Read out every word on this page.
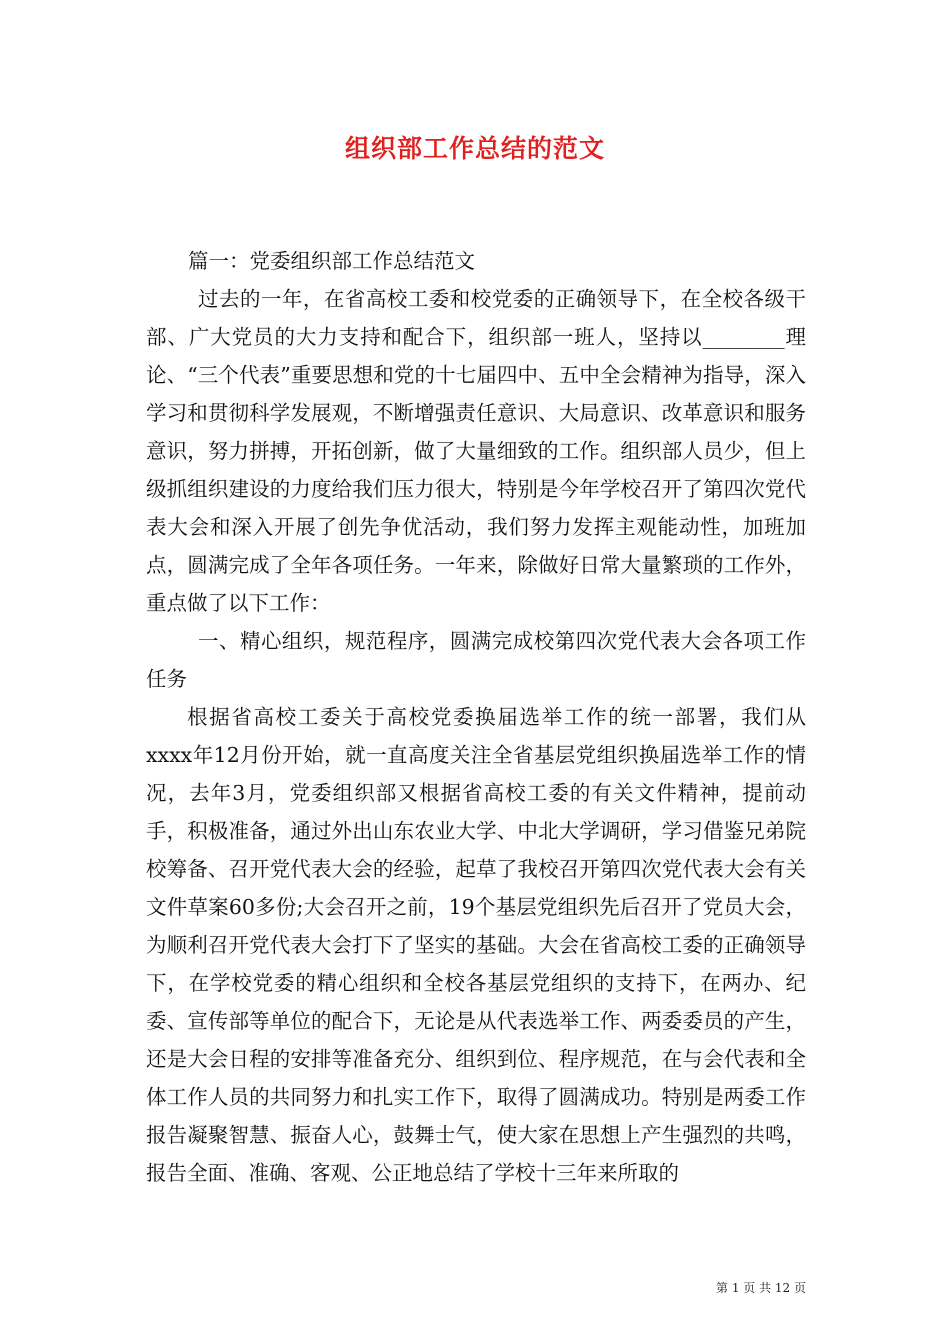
组织部工作总结的范文

篇一：党委组织部工作总结范文

过去的一年，在省高校工委和校党委的正确领导下，在全校各级干部、广大党员的大力支持和配合下，组织部一班人，坚持以________理论、“三个代表”重要思想和党的十七届四中、五中全会精神为指导，深入学习和贯彻科学发展观，不断增强责任意识、大局意识、改革意识和服务意识，努力拼搏，开拓创新，做了大量细致的工作。组织部人员少，但上级抓组织建设的力度给我们压力很大，特别是今年学校召开了第四次党代表大会和深入开展了创先争优活动，我们努力发挥主观能动性，加班加点，圆满完成了全年各项任务。一年来，除做好日常大量繁琐的工作外，重点做了以下工作：

一、精心组织，规范程序，圆满完成校第四次党代表大会各项工作任务

根据省高校工委关于高校党委换届选举工作的统一部署，我们从xxxx年12月份开始，就一直高度关注全省基层党组织换届选举工作的情况，去年3月，党委组织部又根据省高校工委的有关文件精神，提前动手，积极准备，通过外出山东农业大学、中北大学调研，学习借鉴兄弟院校筹备、召开党代表大会的经验，起草了我校召开第四次党代表大会有关文件草案60多份;大会召开之前，19个基层党组织先后召开了党员大会，为顺利召开党代表大会打下了坚实的基础。大会在省高校工委的正确领导下，在学校党委的精心组织和全校各基层党组织的支持下，在两办、纪委、宣传部等单位的配合下，无论是从代表选举工作、两委委员的产生，还是大会日程的安排等准备充分、组织到位、程序规范，在与会代表和全体工作人员的共同努力和扎实工作下，取得了圆满成功。特别是两委工作报告凝聚智慧、振奋人心，鼓舞士气，使大家在思想上产生强烈的共鸣，报告全面、准确、客观、公正地总结了学校十三年来所取的

第 1 页 共 12 页
